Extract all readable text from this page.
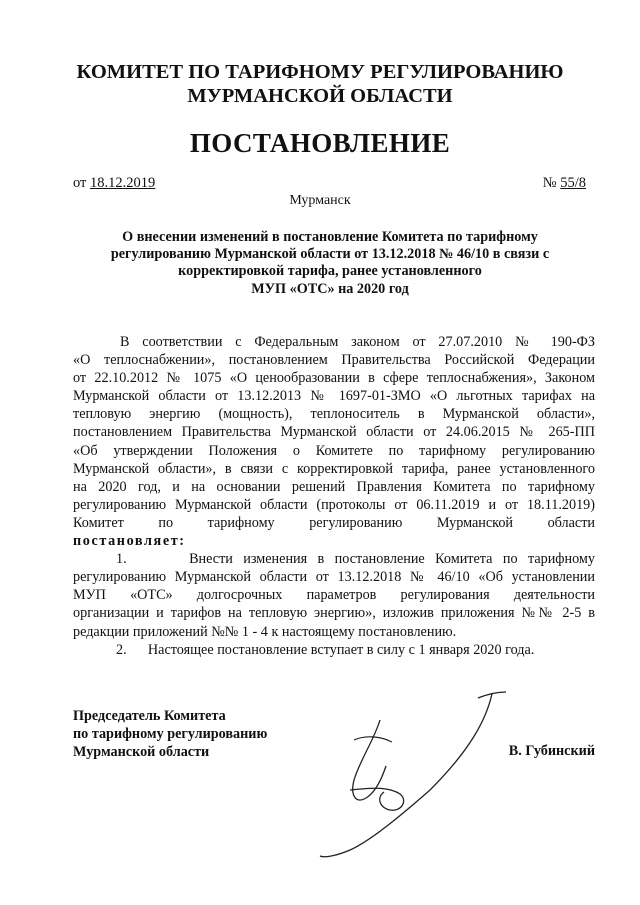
КОМИТЕТ ПО ТАРИФНОМУ РЕГУЛИРОВАНИЮ
МУРМАНСКОЙ ОБЛАСТИ
ПОСТАНОВЛЕНИЕ
от 18.12.2019	№ 55/8
Мурманск
О внесении изменений в постановление Комитета по тарифному
регулированию Мурманской области от 13.12.2018 № 46/10 в связи с
корректировкой тарифа, ранее установленного
МУП «ОТС» на 2020 год

В соответствии с Федеральным законом от 27.07.2010 № 190-ФЗ

«О теплоснабжении», постановлением Правительства Российской Федерации

от 22.10.2012 № 1075 «О ценообразовании в сфере теплоснабжения», Законом

Мурманской области от 13.12.2013 № 1697-01-ЗМО «О льготных тарифах на

тепловую энергию (мощность), теплоноситель в Мурманской области»,

постановлением Правительства Мурманской области от 24.06.2015 № 265-ПП

«Об утверждении Положения о Комитете по тарифному регулированию

Мурманской области», в связи с корректировкой тарифа, ранее установленного

на 2020 год, и на основании решений Правления Комитета по тарифному

регулированию Мурманской области (протоколы от 06.11.2019 и от 18.11.2019)

Комитет по тарифному регулированию Мурманской области

постановляет:

1.      Внести изменения в постановление Комитета по тарифному

регулированию Мурманской области от 13.12.2018 № 46/10 «Об установлении

МУП «ОТС» долгосрочных параметров регулирования деятельности

организации и тарифов на тепловую энергию», изложив приложения №№ 2-5 в

редакции приложений №№ 1 - 4 к настоящему постановлению.

2.      Настоящее постановление вступает в силу с 1 января 2020 года.

Председатель Комитета
по тарифному регулированию
Мурманской области	В. Губинский
